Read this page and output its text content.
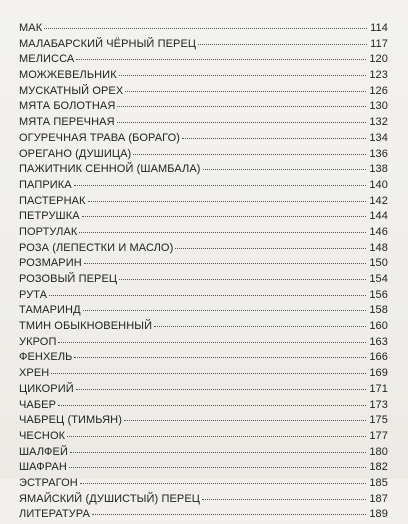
МАК	114
МАЛАБАРСКИЙ ЧЁРНЫЙ ПЕРЕЦ	117
МЕЛИССА	120
МОЖЖЕВЕЛЬНИК	123
МУСКАТНЫЙ ОРЕХ	126
МЯТА БОЛОТНАЯ	130
МЯТА ПЕРЕЧНАЯ	132
ОГУРЕЧНАЯ ТРАВА (БОРАГО)	134
ОРЕГАНО (ДУШИЦА)	136
ПАЖИТНИК СЕННОЙ (ШАМБАЛА)	138
ПАПРИКА	140
ПАСТЕРНАК	142
ПЕТРУШКА	144
ПОРТУЛАК	146
РОЗА (ЛЕПЕСТКИ И МАСЛО)	148
РОЗМАРИН	150
РОЗОВЫЙ ПЕРЕЦ	154
РУТА	156
ТАМАРИНД	158
ТМИН ОБЫКНОВЕННЫЙ	160
УКРОП	163
ФЕНХЕЛЬ	166
ХРЕН	169
ЦИКОРИЙ	171
ЧАБЕР	173
ЧАБРЕЦ (ТИМЬЯН)	175
ЧЕСНОК	177
ШАЛФЕЙ	180
ШАФРАН	182
ЭСТРАГОН	185
ЯМАЙСКИЙ (ДУШИСТЫЙ) ПЕРЕЦ	187
ЛИТЕРАТУРА	189
